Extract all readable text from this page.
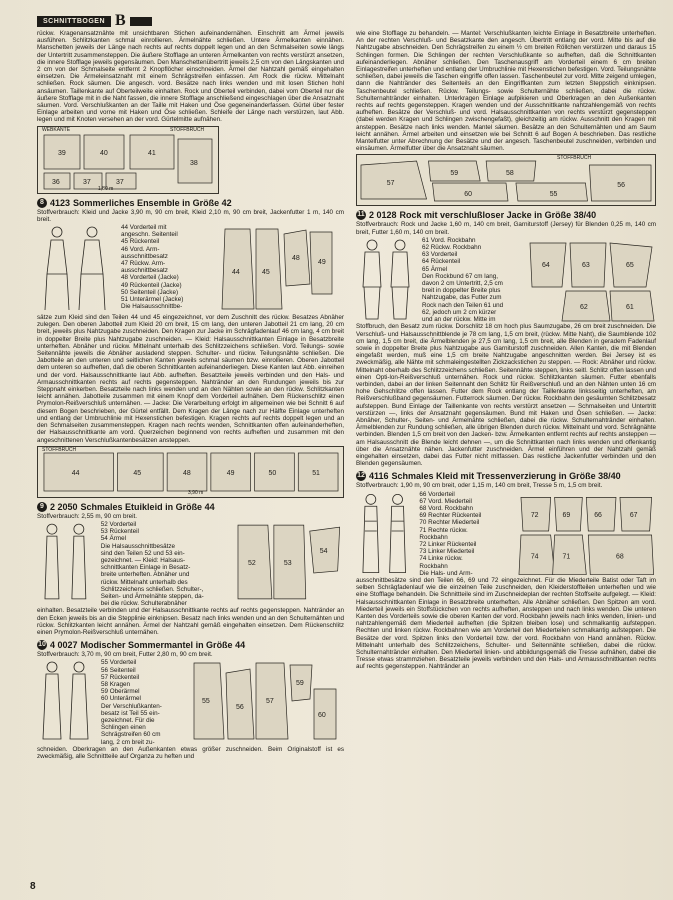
SCHNITTBOGEN B

rückw. Kragenansatznähte mit unsichtbaren Stichen aufeinandernähen. Einschnitt am Ärmel jeweils ausführen. Schlitzkanten schmal einrollieren. Ärmelnähte schließen. Untere Ärmelkanten einnähen. Manschetten jeweils der Länge nach rechts auf rechts doppelt legen und an den Schmalseiten sowie längs der Untertritt zusammensteppen. Die äußere Stofflage an unteren Ärmelkanten von rechts verstürzt ansetzen, die innere Stofflage jeweils gegensäumen. Den Manschettenübertritt jeweils 2,5 cm von den Längskanten und 2 cm von der Schmalseite entfernt 2 Knopflöcher einschneiden. Ärmel der Nahtzahl gemäß eingehalten einsetzen. Die Ärmeleinsatznaht mit einem Schrägstreifen einfassen. Am Rock die rückw. Mittelnaht schließen. Rock säumen. Die angesch. vord. Besätze nach links wenden und mit losen Stichen hohl ansäumen. Taillenkante auf Oberteilweite einhalten. Rock und Oberteil verbinden, dabei vom Oberteil nur die äußere Stofflage mit in die Naht fassen, die innere Stofflage anschließend eingeschlagen über die Ansatznaht säumen. Vord. Verschlußkanten an der Taille mit Haken und Öse gegeneinanderfassen. Gürtel über fester Einlage arbeiten und vorne mit Haken und Öse schließen. Schleife der Länge nach verstürzen, laut Abb. legen und mit Knoten versehen an der vord. Gürtelmitte aufnähen.

39	40	41
36	37	37
38
WEBKANTE	STOFFBRUCH
1,80 m
8 4123 Sommerliches Ensemble in Größe 42
Stoffverbrauch: Kleid und Jacke 3,90 m, 90 cm breit, Kleid 2,10 m, 90 cm breit, Jackenfutter 1 m, 140 cm breit.
44 Vorderteil mit
angeschn. Seitenteil
45 Rückenteil
46 Vord. Arm-
ausschnittbesatz
47 Rückw. Arm-
ausschnittbesatz
48 Vorderteil (Jacke)
49 Rückenteil (Jacke)
50 Seitenteil (Jacke)
51 Unterärmel (Jacke)
Die Halsausschnittbe-
44	45
48
49

sätze zum Kleid sind den Teilen 44 und 45 eingezeichnet, vor dem Zuschnitt des rückw. Besatzes Abnäher zulegen. Den oberen Jabotteil zum Kleid 20 cm breit, 15 cm lang, den unteren Jabotteil 21 cm lang, 20 cm breit, jeweils plus Nahtzugabe zuschneiden. Den Kragen zur Jacke im Schrägfadenlauf 46 cm lang, 4 cm breit in doppelter Breite plus Nahtzugabe zuschneiden. — Kleid: Halsausschnittkanten Einlage in Besatzbreite unterheften. Abnäher und rückw. Mittelnaht unterhalb des Schlitzzeichens schließen. Vord. Teilungs- sowie Seitennähte jeweils die Abnäher ausladend steppen. Schulter- und rückw. Teilungsnähte schließen. Die Jabotteile an den unteren und seitlichen Kanten jeweils schmal säumen bzw. einrollieren. Oberen Jabotteil dem unteren so aufheften, daß die oberen Schnittkanten aufeinanderliegen. Diese Kanten laut Abb. einreihen und der vord. Halsausschnittkante laut Abb. aufheften. Besatzteile jeweils verbinden und den Hals- und Armausschnittkanten rechts auf rechts gegensteppen. Nahtränder an den Rundungen jeweils bis zur Steppnaht einkerben. Besatzteile nach links wenden und an den Nähten sowie an den rückw. Schlitzkanten leicht annähen. Jabotteile zusammen mit einem Knopf dem Vorderteil aufnähen. Dem Rückenschlitz einen Prymolon-Reißverschluß unternähen. — Jacke: Die Verarbeitung erfolgt im allgemeinen wie bei Schnitt 6 auf diesem Bogen beschrieben, der Gürtel entfällt. Dem Kragen der Länge nach zur Hälfte Einlage unterheften und entlang der Umbruchlinie mit Hexenstichen befestigen. Kragen rechts auf rechts doppelt legen und an den Schmalseiten zusammensteppen. Kragen nach rechts wenden, Schnittkanten offen aufeinanderheften, der Halsausschnittkante am vord. Querzeichen beginnend von rechts aufheften und zusammen mit den angeschnittenen Verschlußkantenbesätzen ansteppen.

44	45	48	49	50	51
STOFFBRUCH
3,90 m
9 2 2050 Schmales Etuikleid in Größe 44
Stoffverbrauch: 2,55 m, 90 cm breit.
52 Vorderteil
53 Rückenteil
54 Ärmel
Die Halsausschnittbesätze
sind den Teilen 52 und 53 ein-
gezeichnet. — Kleid: Halsaus-
schnittkanten Einlage in Besatz-
breite unterheften. Abnäher und
rückw. Mittelnaht unterhalb des
Schlitzzeichens schließen. Schulter-,
Seiten- und Ärmelnähte steppen, da-
bei die rückw. Schulterabnäher
52	53
54

einhalten. Besatzteile verbinden und der Halsausschnittkante rechts auf rechts gegensteppen. Nahtränder an den Ecken jeweils bis an die Stepplinie einknipsen. Besatz nach links wenden und an den Schulternähten und rückw. Schlitzkanten leicht annähen. Ärmel der Nahtzahl gemäß eingehalten einsetzen. Dem Rückenschlitz einen Prymolon-Reißverschluß unternähen.

10 4 0027 Modischer Sommermantel in Größe 44
Stoffverbrauch: 3,70 m, 90 cm breit, Futter 2,80 m, 90 cm breit.
55 Vorderteil
56 Seitenteil
57 Rückenteil
58 Kragen
59 Oberärmel
60 Unterärmel
Der Verschlußkanten-
besatz ist Teil 55 ein-
gezeichnet. Für die
Schlingen einen
Schrägstreifen 60 cm
lang, 2 cm breit zu-
55
56
57
59
60

schneiden. Oberkragen an den Außenkanten etwas größer zuschneiden. Beim Originalstoff ist es zweckmäßig, alle Schnittteile auf Organza zu heften und

wie eine Stofflage zu behandeln. — Mantel: Verschlußkanten leichte Einlage in Besatzbreite unterheften. An der rechten Verschluß- und Besatzkante den angesch. Übertritt entlang der vord. Mitte bis auf die Nahtzugabe abschneiden. Den Schrägstreifen zu einem ½ cm breiten Röllchen verstürzen und daraus 15 Schlingen formen. Die Schlingen der rechten Verschlußkante so aufheften, daß die Schnittkanten aufeinanderliegen. Abnäher schließen. Den Taschenausgriff am Vorderteil einem 6 cm breiten Einlagestreifen unterheften und entlang der Umbruchlinie mit Hexenstichen befestigen. Vord. Teilungsnähte schließen, dabei jeweils die Taschen eingriffe offen lassen. Taschenbeutel zur vord. Mitte zeigend umlegen, dann die Nahtränder des Seitenteils an den Eingriffkanten zum letzten Steppstich einknipsen. Taschenbeutel schließen. Rückw. Teilungs- sowie Schulternähte schließen, dabei die rückw. Schulternahtränder einhalten. Unterkragen Einlage aufpikieren und Oberkragen an den Außenkanten rechts auf rechts gegensteppen. Kragen wenden und der Ausschnittkante nahtzahlengemäß von rechts aufheften. Besätze der Verschluß- und vord. Halsausschnittkanten von rechts verstürzt gegensteppen (dabei werden Kragen und Schlingen zwischengefaßt), gleichzeitig am rückw. Ausschnitt den Kragen mit ansteppen. Besätze nach links wenden. Mantel säumen. Besätze an den Schulternähten und am Saum leicht annähen. Ärmel arbeiten und einsetzen wie bei Schnitt 6 auf Bogen A beschrieben. Das restliche Mantelfutter unter Abrechnung der Besätze und der angesch. Taschenbeutel zuschneiden, verbinden und einsäumen. Ärmelfutter über die Ansatznaht säumen.

57
59	58
60	55
56
STOFFBRUCH
11 2 0128 Rock mit verschlußloser Jacke in Größe 38/40
Stoffverbrauch: Rock und Jacke 1,60 m, 140 cm breit, Garniturstoff (Jersey) für Blenden 0,25 m, 140 cm breit, Futter 1,60 m, 140 cm breit.
61 Vord. Rockbahn
62 Rückw. Rockbahn
63 Vorderteil
64 Rückenteil
65 Ärmel
Den Rockbund 67 cm lang,
davon 2 cm Untertritt, 2,5 cm
breit in doppelter Breite plus
Nahtzugabe, das Futter zum
Rock nach den Teilen 61 und
62, jedoch um 2 cm kürzer
und an der rückw. Mitte im
64	63	65
62	61

Stoffbruch, den Besatz zum rückw. Dorschlitz 18 cm hoch plus Saumzugabe, 26 cm breit zuschneiden. Die Verschluß- und Halsausschnittblende je 78 cm lang, 1,5 cm breit, (rückw. Mitte Naht), die Saumblende 102 cm lang, 1,5 cm breit, die Ärmelblenden je 27,5 cm lang, 1,5 cm breit, alle Blenden in geradem Fadenlauf sowie in doppelter Breite plus Nahtzugabe aus Garniturstoff zuschneiden. Allen Kanten, die mit Blenden eingefaßt werden, muß eine 1,5 cm breite Nahtzugabe angeschnitten werden. Bei Jersey ist es zweckmäßig, alle Nähte mit schmaleingestellten Zickzackstichen zu steppen. — Rock: Abnäher und rückw. Mittelnaht oberhalb des Schlitzzeichens schließen. Seitennähte steppen, links seitl. Schlitz offen lassen und einen Opti-lon-Reißverschluß unternähen. Rock und rückw. Schlitzkanten säumen. Futter ebenfalls verbinden, dabei an der linken Seitennaht den Schlitz für Reißverschluß und an den Nähten unten 16 cm hohe Gehschlitze offen lassen. Futter dem Rock entlang der Taillenkante linksseitig unterheften, am Reißverschlußband gegensäumen. Futterrock säumen. Der rückw. Rockbahn den gesäumten Schlitzbesatz aufsteppen. Bund Einlage der Taillenkante von rechts verstürzt ansetzen — Schmalseiten und Untertritt verstürzen —, links der Ansatznaht gegensäumen. Bund mit Haken und Ösen schließen. — Jacke: Abnäher, Schulter-, Seiten- und Ärmelnähte schließen, dabei die rückw. Schulternahtränder einhalten. Ärmelblenden zur Rundung schließen, alle übrigen Blenden durch rückw. Mittelnaht und vord. Schrägnähte verbinden. Blenden 1,5 cm breit von den Jacken- bzw. Ärmelkanten entfernt rechts auf rechts ansteppen — am Halsausschnitt die Blende leicht dehnen —, um die Schnittkanten nach links wenden und offenkantig über die Ansatznähte nähen. Jackenfutter zuschneiden. Ärmel einführen und der Nahtzahl gemäß eingehalten einsetzen, dabei das Futter nicht mitfassen. Das restliche Jackenfutter verbinden und den Blenden gegensäumen.

12 4116 Schmales Kleid mit Tressenverzierung in Größe 38/40
Stoffverbrauch: 1,90 m, 90 cm breit, oder 1,15 m, 140 cm breit, Tresse 5 m, 1,5 cm breit.
66 Vorderteil
67 Vord. Miederteil
68 Vord. Rockbahn
69 Rechter Rückenteil
70 Rechter Miederteil
71 Rechte rückw.
Rockbahn
72 Linker Rückenteil
73 Linker Miederteil
74 Linke rückw.
Rockbahn
Die Hals- und Arm-
72	69	66	67
74	71	68

ausschnittbesätze sind den Teilen 66, 69 und 72 eingezeichnet. Für die Miederteile Batist oder Taft im selben Schrägfadenlauf wie die einzelnen Teile zuschneiden, den Kleiderstoffteilen unterheften und wie eine Stofflage behandeln. Die Schnittteile sind im Zuschneideplan der rechten Stoffseite aufgelegt. — Kleid: Halsausschnittkanten Einlage in Besatzbreite unterheften. Alle Abnäher schließen. Den Spitzen am vord. Miederteil jeweils ein Stoffstückchen von rechts aufheften, ansteppen und nach links wenden. Die unteren Kanten des Vorderteils sowie die oberen Kanten der vord. Rockbahn jeweils nach links wenden, linien- und nahtzahlengemäß dem Miederteil aufheften (die Spitzen bleiben lose) und schmalkantig aufsteppen. Rechten und linken rückw. Rockbahnen wie am Vorderteil den Miederteilen schmalkantig aufsteppen. Die Besätze der vord. Spitzen links den Vorderteil bzw. der vord. Rockbahn von Hand annähen. Rückw. Mittelnaht unterhalb des Schlitzzeichens, Schulter- und Seitennähte schließen, dabei die rückw. Schulternahtränder einhalten. Den Miederteil linien- und abbildungsgemäß die Tresse aufnähen, dabei die Tresse etwas strammziehen. Besatzteile jeweils verbinden und den Hals- und Armausschnittkanten rechts auf rechts gegensteppen. Nahtränder an

8
